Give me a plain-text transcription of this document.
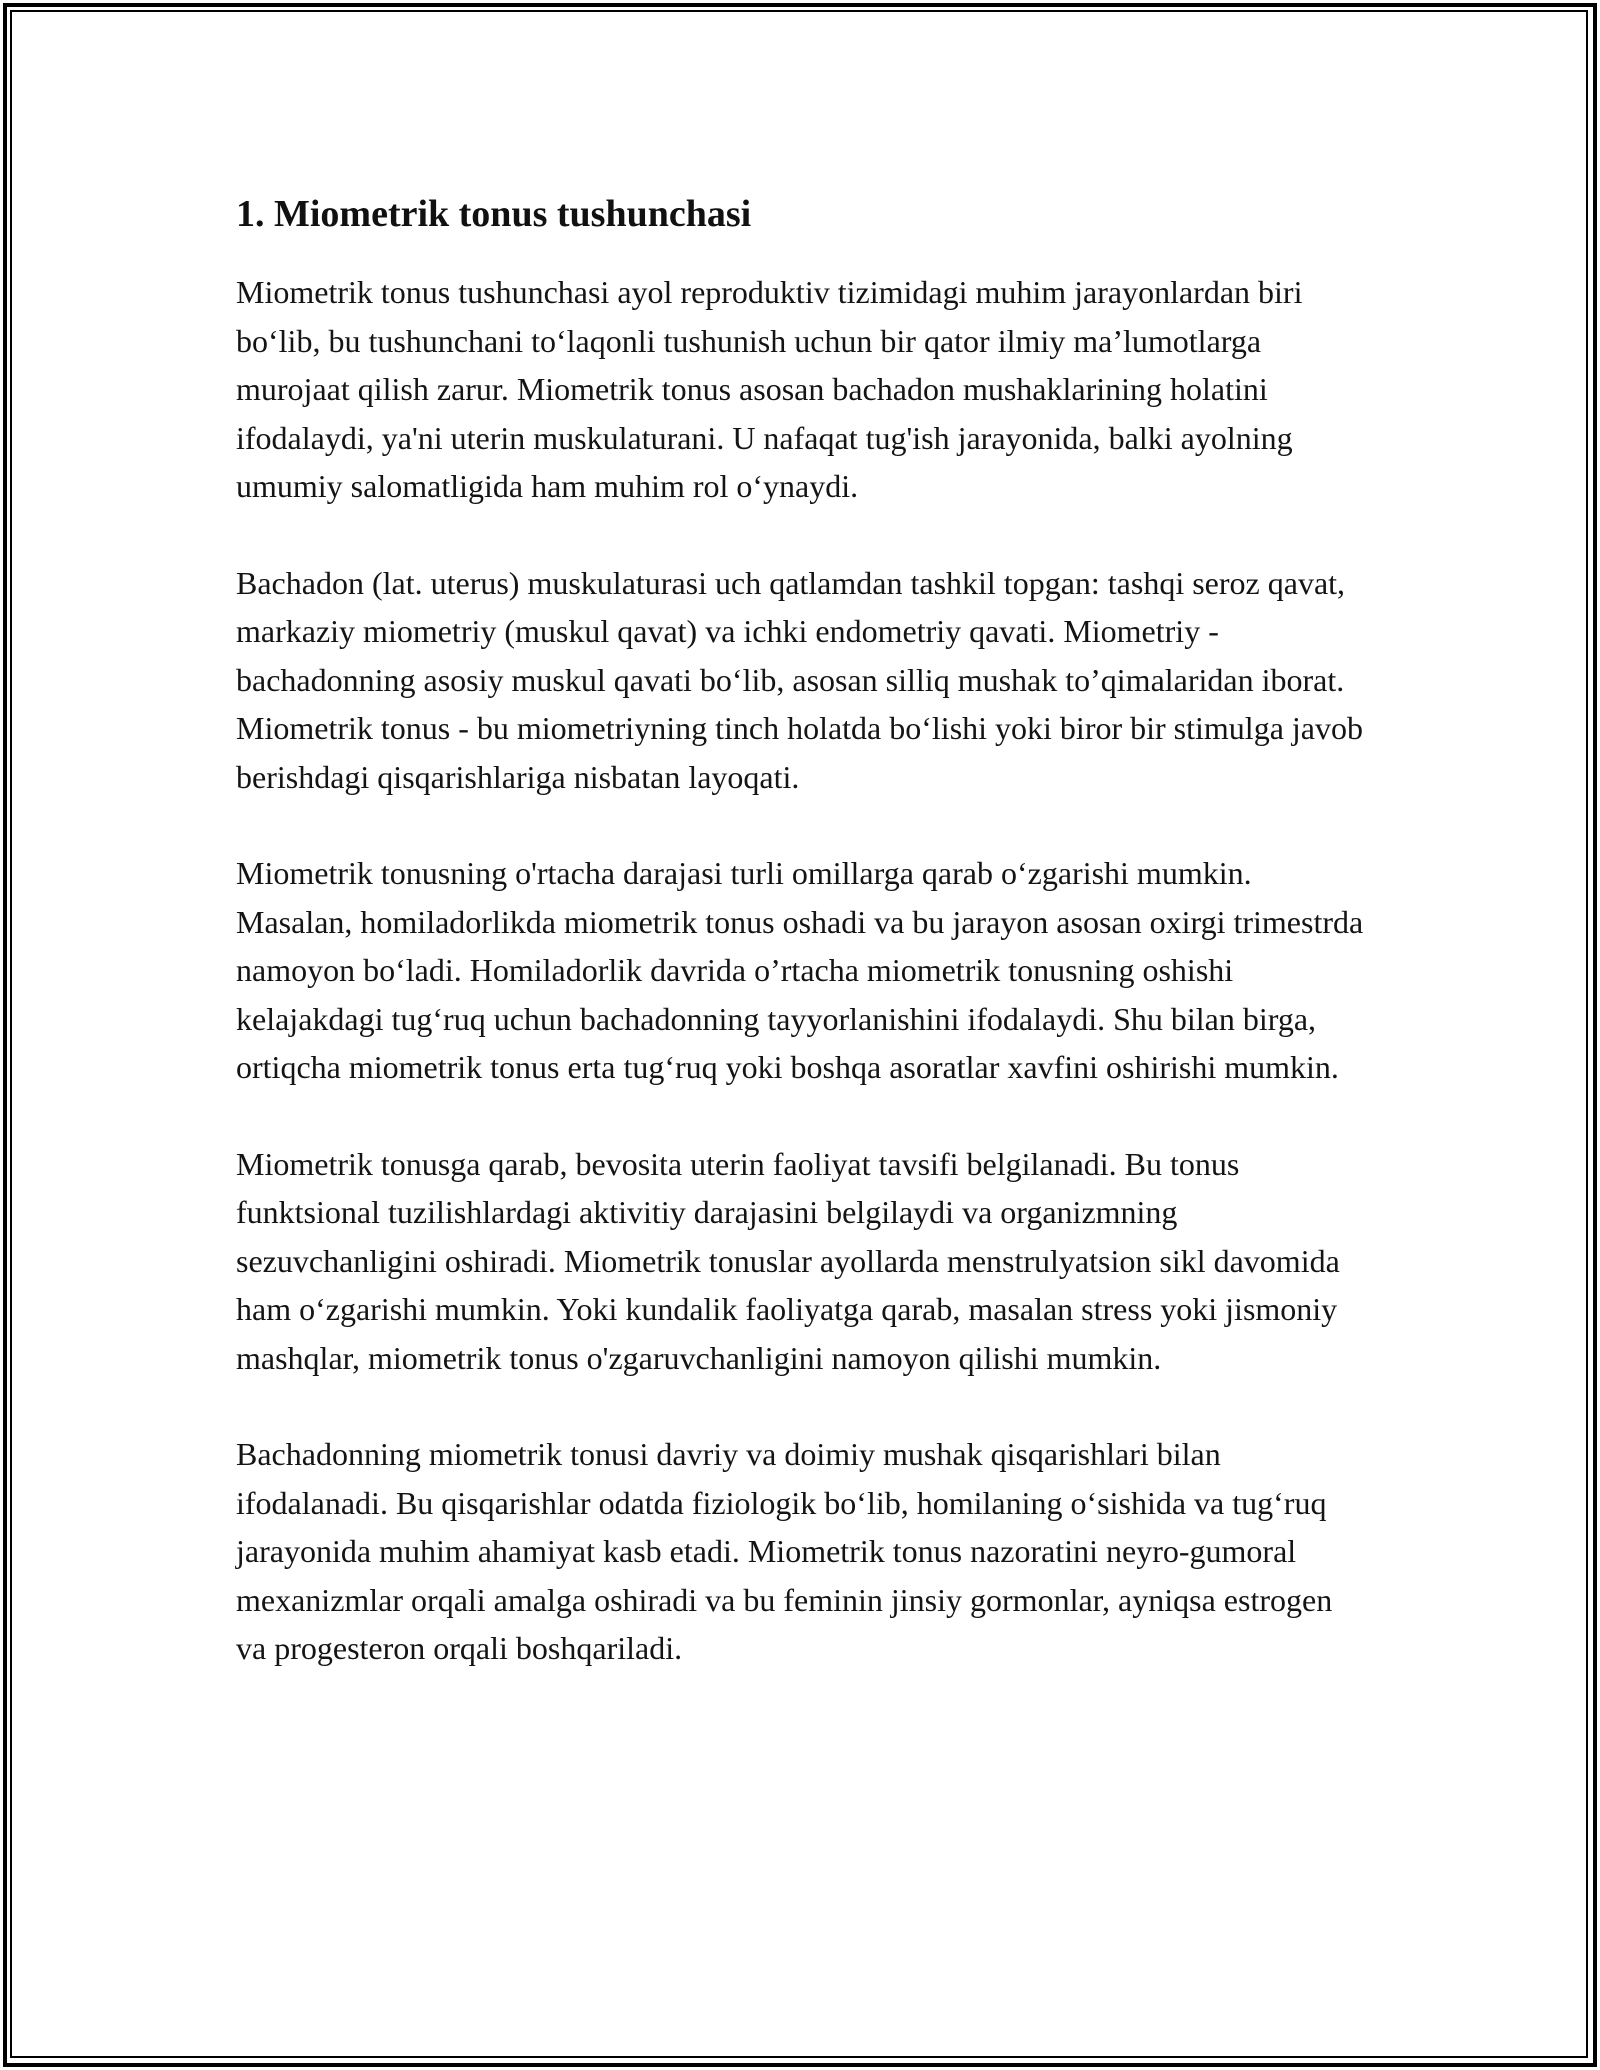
1. Miometrik tonus tushunchasi

Miometrik tonus tushunchasi ayol reproduktiv tizimidagi muhim jarayonlardan biri bo‘lib, bu tushunchani to‘laqonli tushunish uchun bir qator ilmiy ma’lumotlarga murojaat qilish zarur. Miometrik tonus asosan bachadon mushaklarining holatini ifodalaydi, ya'ni uterin muskulaturani. U nafaqat tug'ish jarayonida, balki ayolning umumiy salomatligida ham muhim rol o‘ynaydi.

Bachadon (lat. uterus) muskulaturasi uch qatlamdan tashkil topgan: tashqi seroz qavat, markaziy miometriy (muskul qavat) va ichki endometriy qavati. Miometriy - bachadonning asosiy muskul qavati bo‘lib, asosan silliq mushak to’qimalaridan iborat. Miometrik tonus - bu miometriyning tinch holatda bo‘lishi yoki biror bir stimulga javob berishdagi qisqarishlariga nisbatan layoqati.

Miometrik tonusning o'rtacha darajasi turli omillarga qarab o‘zgarishi mumkin. Masalan, homiladorlikda miometrik tonus oshadi va bu jarayon asosan oxirgi trimestrda namoyon bo‘ladi. Homiladorlik davrida o’rtacha miometrik tonusning oshishi kelajakdagi tug‘ruq uchun bachadonning tayyorlanishini ifodalaydi. Shu bilan birga, ortiqcha miometrik tonus erta tug‘ruq yoki boshqa asoratlar xavfini oshirishi mumkin.

Miometrik tonusga qarab, bevosita uterin faoliyat tavsifi belgilanadi. Bu tonus funktsional tuzilishlardagi aktivitiy darajasini belgilaydi va organizmning sezuvchanligini oshiradi. Miometrik tonuslar ayollarda menstrulyatsion sikl davomida ham o‘zgarishi mumkin. Yoki kundalik faoliyatga qarab, masalan stress yoki jismoniy mashqlar, miometrik tonus o'zgaruvchanligini namoyon qilishi mumkin.

Bachadonning miometrik tonusi davriy va doimiy mushak qisqarishlari bilan ifodalanadi. Bu qisqarishlar odatda fiziologik bo‘lib, homilaning o‘sishida va tug‘ruq jarayonida muhim ahamiyat kasb etadi. Miometrik tonus nazoratini neyro-gumoral mexanizmlar orqali amalga oshiradi va bu feminin jinsiy gormonlar, ayniqsa estrogen va progesteron orqali boshqariladi.
